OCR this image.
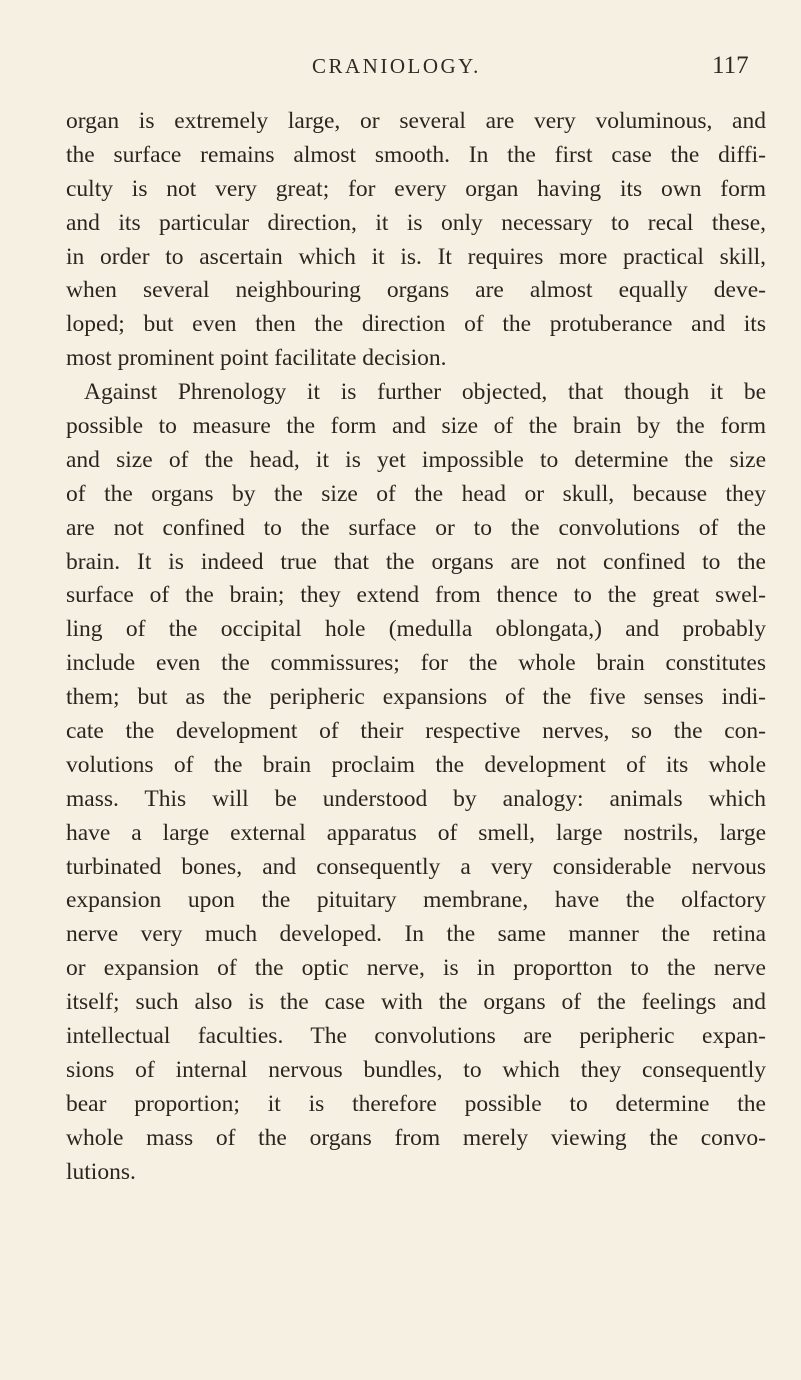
CRANIOLOGY.	117
organ is extremely large, or several are very voluminous, and
the surface remains almost smooth. In the first case the diffi-
culty is not very great; for every organ having its own form
and its particular direction, it is only necessary to recal these,
in order to ascertain which it is. It requires more practical skill,
when several neighbouring organs are almost equally deve-
loped; but even then the direction of the protuberance and its
most prominent point facilitate decision.
Against Phrenology it is further objected, that though it be
possible to measure the form and size of the brain by the form
and size of the head, it is yet impossible to determine the size
of the organs by the size of the head or skull, because they
are not confined to the surface or to the convolutions of the
brain. It is indeed true that the organs are not confined to the
surface of the brain; they extend from thence to the great swel-
ling of the occipital hole (medulla oblongata,) and probably
include even the commissures; for the whole brain constitutes
them; but as the peripheric expansions of the five senses indi-
cate the development of their respective nerves, so the con-
volutions of the brain proclaim the development of its whole
mass. This will be understood by analogy: animals which
have a large external apparatus of smell, large nostrils, large
turbinated bones, and consequently a very considerable nervous
expansion upon the pituitary membrane, have the olfactory
nerve very much developed. In the same manner the retina
or expansion of the optic nerve, is in proportton to the nerve
itself; such also is the case with the organs of the feelings and
intellectual faculties. The convolutions are peripheric expan-
sions of internal nervous bundles, to which they consequently
bear proportion; it is therefore possible to determine the
whole mass of the organs from merely viewing the convo-
lutions.
